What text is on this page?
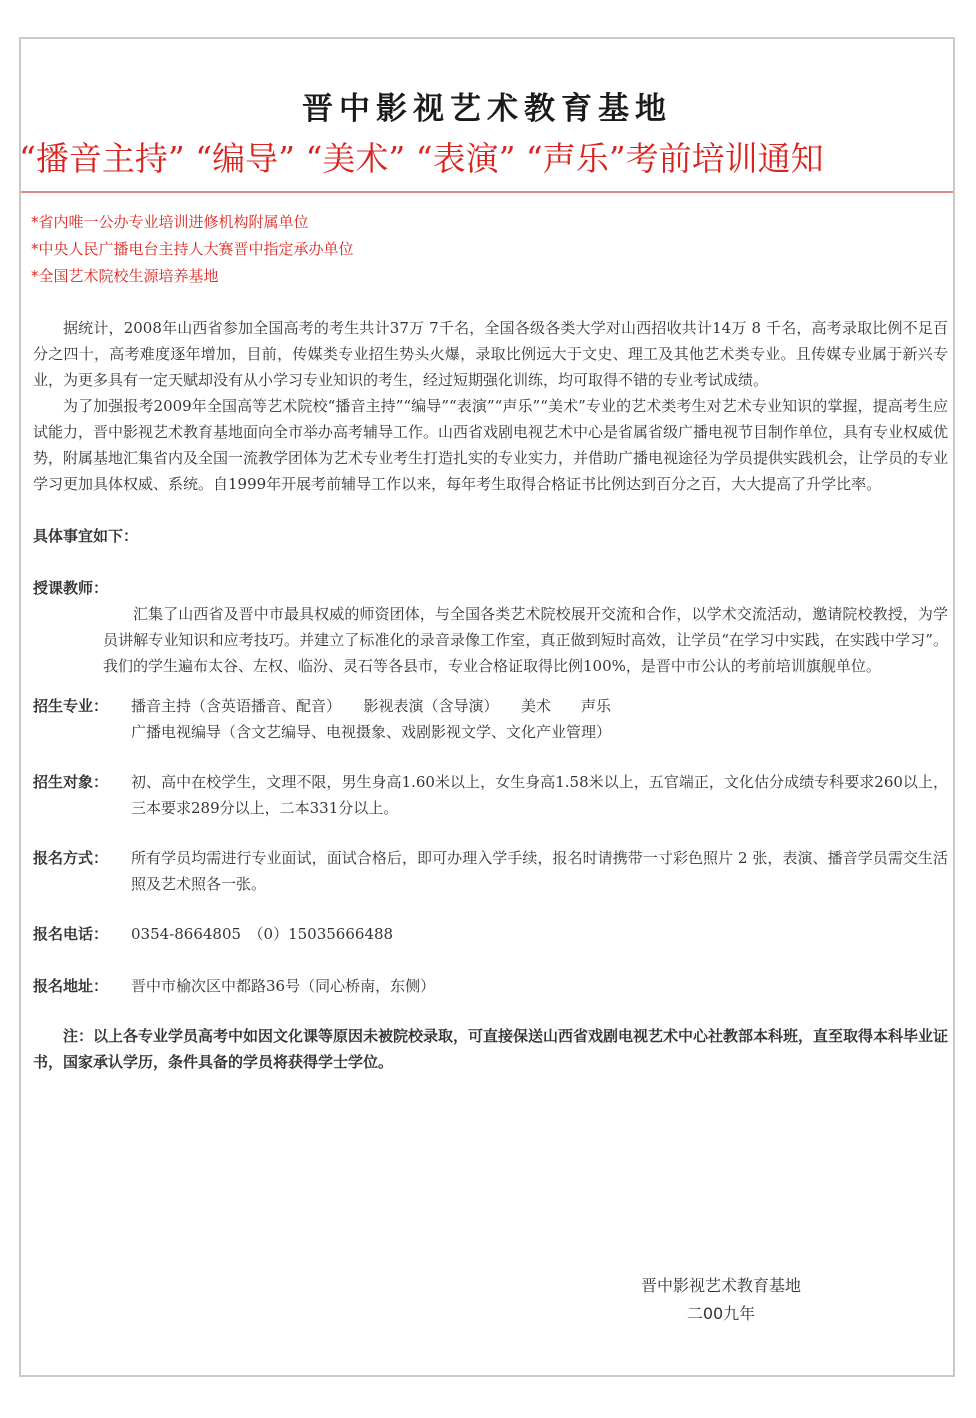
晋中影视艺术教育基地
“播音主持” “编导” “美术” “表演” “声乐”考前培训通知
*省内唯一公办专业培训进修机构附属单位
*中央人民广播电台主持人大赛晋中指定承办单位
*全国艺术院校生源培养基地

据统计，2008年山西省参加全国高考的考生共计37万 7千名，全国各级各类大学对山西招收共计14万 8 千名，高考录取比例不足百分之四十，高考难度逐年增加，目前，传媒类专业招生势头火爆，录取比例远大于文史、理工及其他艺术类专业。且传媒专业属于新兴专业，为更多具有一定天赋却没有从小学习专业知识的考生，经过短期强化训练，均可取得不错的专业考试成绩。

为了加强报考2009年全国高等艺术院校“播音主持”“编导”“表演”“声乐”“美术”专业的艺术类考生对艺术专业知识的掌握，提高考生应试能力，晋中影视艺术教育基地面向全市举办高考辅导工作。山西省戏剧电视艺术中心是省属省级广播电视节目制作单位，具有专业权威优势，附属基地汇集省内及全国一流教学团体为艺术专业考生打造扎实的专业实力，并借助广播电视途径为学员提供实践机会，让学员的专业学习更加具体权威、系统。自1999年开展考前辅导工作以来，每年考生取得合格证书比例达到百分之百，大大提高了升学比率。

具体事宜如下：
授课教师：

汇集了山西省及晋中市最具权威的师资团体，与全国各类艺术院校展开交流和合作，以学术交流活动，邀请院校教授，为学员讲解专业知识和应考技巧。并建立了标准化的录音录像工作室，真正做到短时高效，让学员“在学习中实践，在实践中学习”。我们的学生遍布太谷、左权、临汾、灵石等各县市，专业合格证取得比例100%，是晋中市公认的考前培训旗舰单位。

招生专业：	播音主持（含英语播音、配音）　　影视表演（含导演）　　美术　　声乐
广播电视编导（含文艺编导、电视摄象、戏剧影视文学、文化产业管理）
招生对象：	初、高中在校学生，文理不限，男生身高1.60米以上，女生身高1.58米以上，五官端正，文化估分成绩专科要求260以上，三本要求289分以上，二本331分以上。
报名方式：	所有学员均需进行专业面试，面试合格后，即可办理入学手续，报名时请携带一寸彩色照片 2 张，表演、播音学员需交生活照及艺术照各一张。
报名电话：	0354-8664805　（0）15035666488
报名地址：	晋中市榆次区中都路36号（同心桥南，东侧）
注：以上各专业学员高考中如因文化课等原因未被院校录取，可直接保送山西省戏剧电视艺术中心社教部本科班，直至取得本科毕业证书，国家承认学历，条件具备的学员将获得学士学位。
晋中影视艺术教育基地
二00九年
